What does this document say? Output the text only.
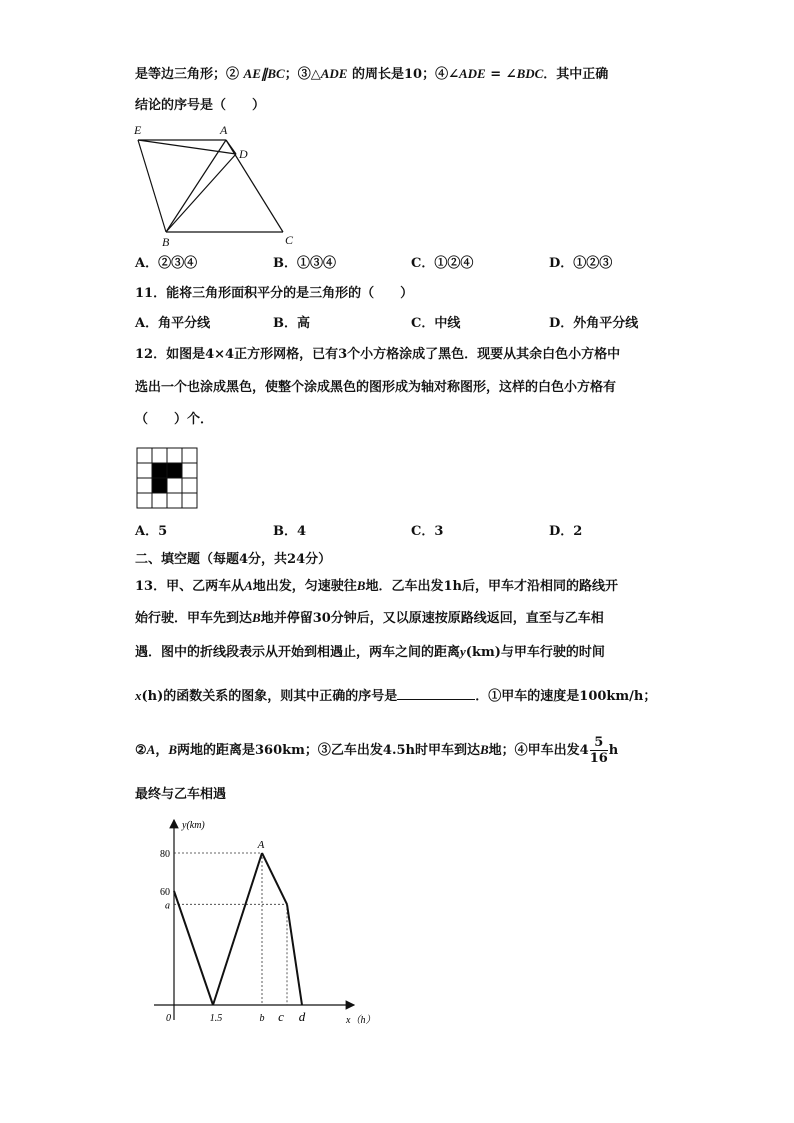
是等边三角形；② AE∥BC；③△ADE 的周长是10；④∠ADE = ∠BDC．其中正确
结论的序号是（　　）
E	A
D
B	C
A．②③④	B．①③④	C．①②④	D．①②③
11．能将三角形面积平分的是三角形的（　　）
A．角平分线	B．高	C．中线	D．外角平分线
12．如图是4×4正方形网格，已有3个小方格涂成了黑色．现要从其余白色小方格中
选出一个也涂成黑色，使整个涂成黑色的图形成为轴对称图形，这样的白色小方格有
（　　）个．
A．5	B．4	C．3	D．2
二、填空题（每题4分，共24分）
13．甲、乙两车从A地出发，匀速驶往B地．乙车出发1h后，甲车才沿相同的路线开
始行驶．甲车先到达B地并停留30分钟后，又以原速按原路线返回，直至与乙车相
遇．图中的折线段表示从开始到相遇止，两车之间的距离y(km)与甲车行驶的时间
x(h)的函数关系的图象，则其中正确的序号是	．①甲车的速度是100km/h；
②A，B两地的距离是360km；③乙车出发4.5h时甲车到达B地；④甲车出发$4 \frac{5}{16}$ h
最终与乙车相遇
80
60
a
0	1.5	b c d
y(km)
x（h）
A
